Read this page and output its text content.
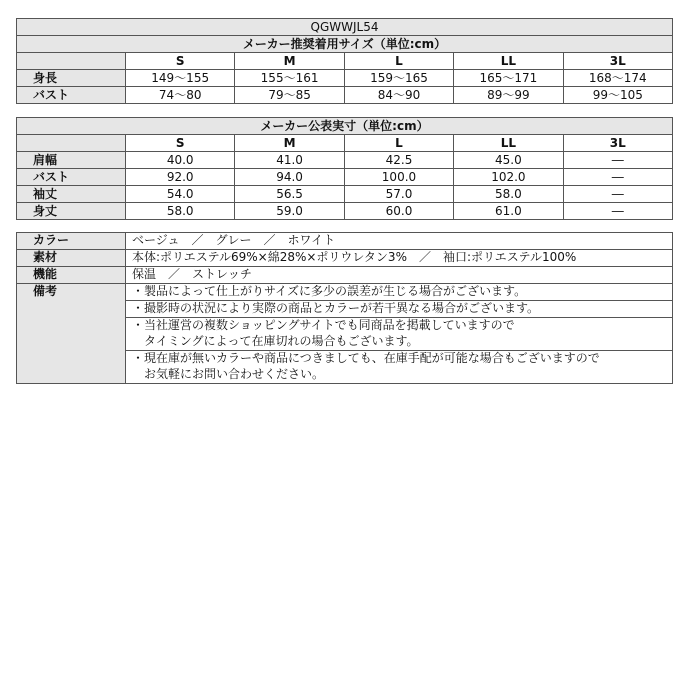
QGWWJL54					
メーカー推奨着用サイズ（単位:cm）					
	S	M	L	LL	3L
身長	149～155	155～161	159～165	165～171	168～174
バスト	74～80	79～85	84～90	89～99	99～105
メーカー公表実寸（単位:cm）					
	S	M	L	LL	3L
肩幅	40.0	41.0	42.5	45.0	―
バスト	92.0	94.0	100.0	102.0	―
袖丈	54.0	56.5	57.0	58.0	―
身丈	58.0	59.0	60.0	61.0	―
カラー	ベージュ　／　グレー　／　ホワイト
素材	本体:ポリエステル69%×綿28%×ポリウレタン3%　／　袖口:ポリエステル100%
機能	保温　／　ストレッチ
備考	・製品によって仕上がりサイズに多少の誤差が生じる場合がございます。
	・撮影時の状況により実際の商品とカラーが若干異なる場合がございます。

	・当社運営の複数ショッピングサイトでも同商品を掲載していますので
　タイミングによって在庫切れの場合もございます。

	・現在庫が無いカラーや商品につきましても、在庫手配が可能な場合もございますので
　お気軽にお問い合わせください。
